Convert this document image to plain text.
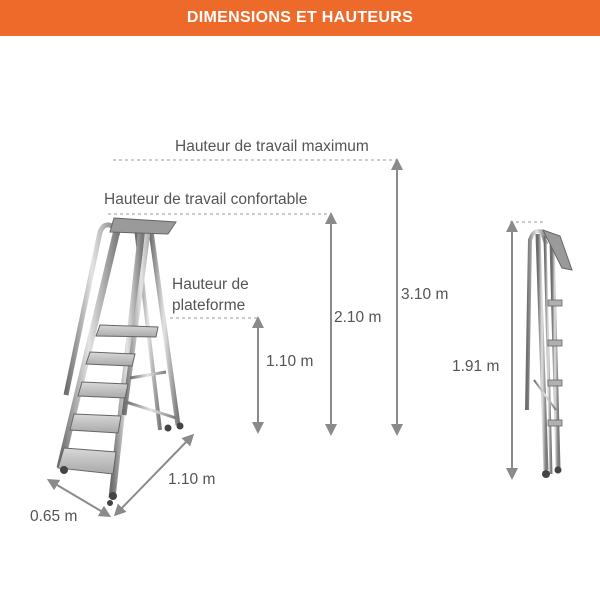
DIMENSIONS ET HAUTEURS
Hauteur de travail maximum
Hauteur de travail confortable
Hauteur de
plateforme
1.10 m
2.10 m
3.10 m
1.10 m
0.65 m
1.91 m
